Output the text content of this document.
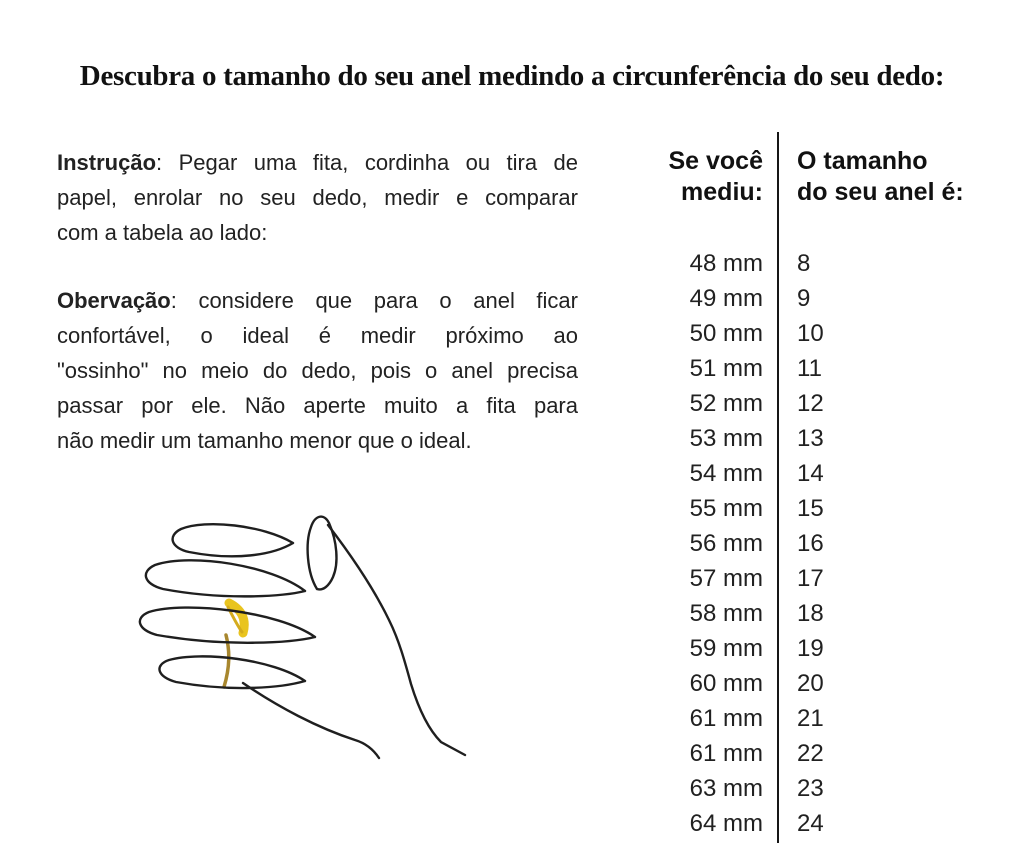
Descubra o tamanho do seu anel medindo a circunferência do seu dedo:
Instrução: Pegar uma fita, cordinha ou tira de
papel, enrolar no seu dedo, medir e comparar
com a tabela ao lado:
Obervação: considere que para o anel ficar
confortável, o ideal é medir próximo ao
"ossinho" no meio do dedo, pois o anel precisa
passar por ele. Não aperte muito a fita para
não medir um tamanho menor que o ideal.
Se você
mediu:
O tamanho
do seu anel é:
48 mm
49 mm
50 mm
51 mm
52 mm
53 mm
54 mm
55 mm
56 mm
57 mm
58 mm
59 mm
60 mm
61 mm
61 mm
63 mm
64 mm
8
9
10
11
12
13
14
15
16
17
18
19
20
21
22
23
24
